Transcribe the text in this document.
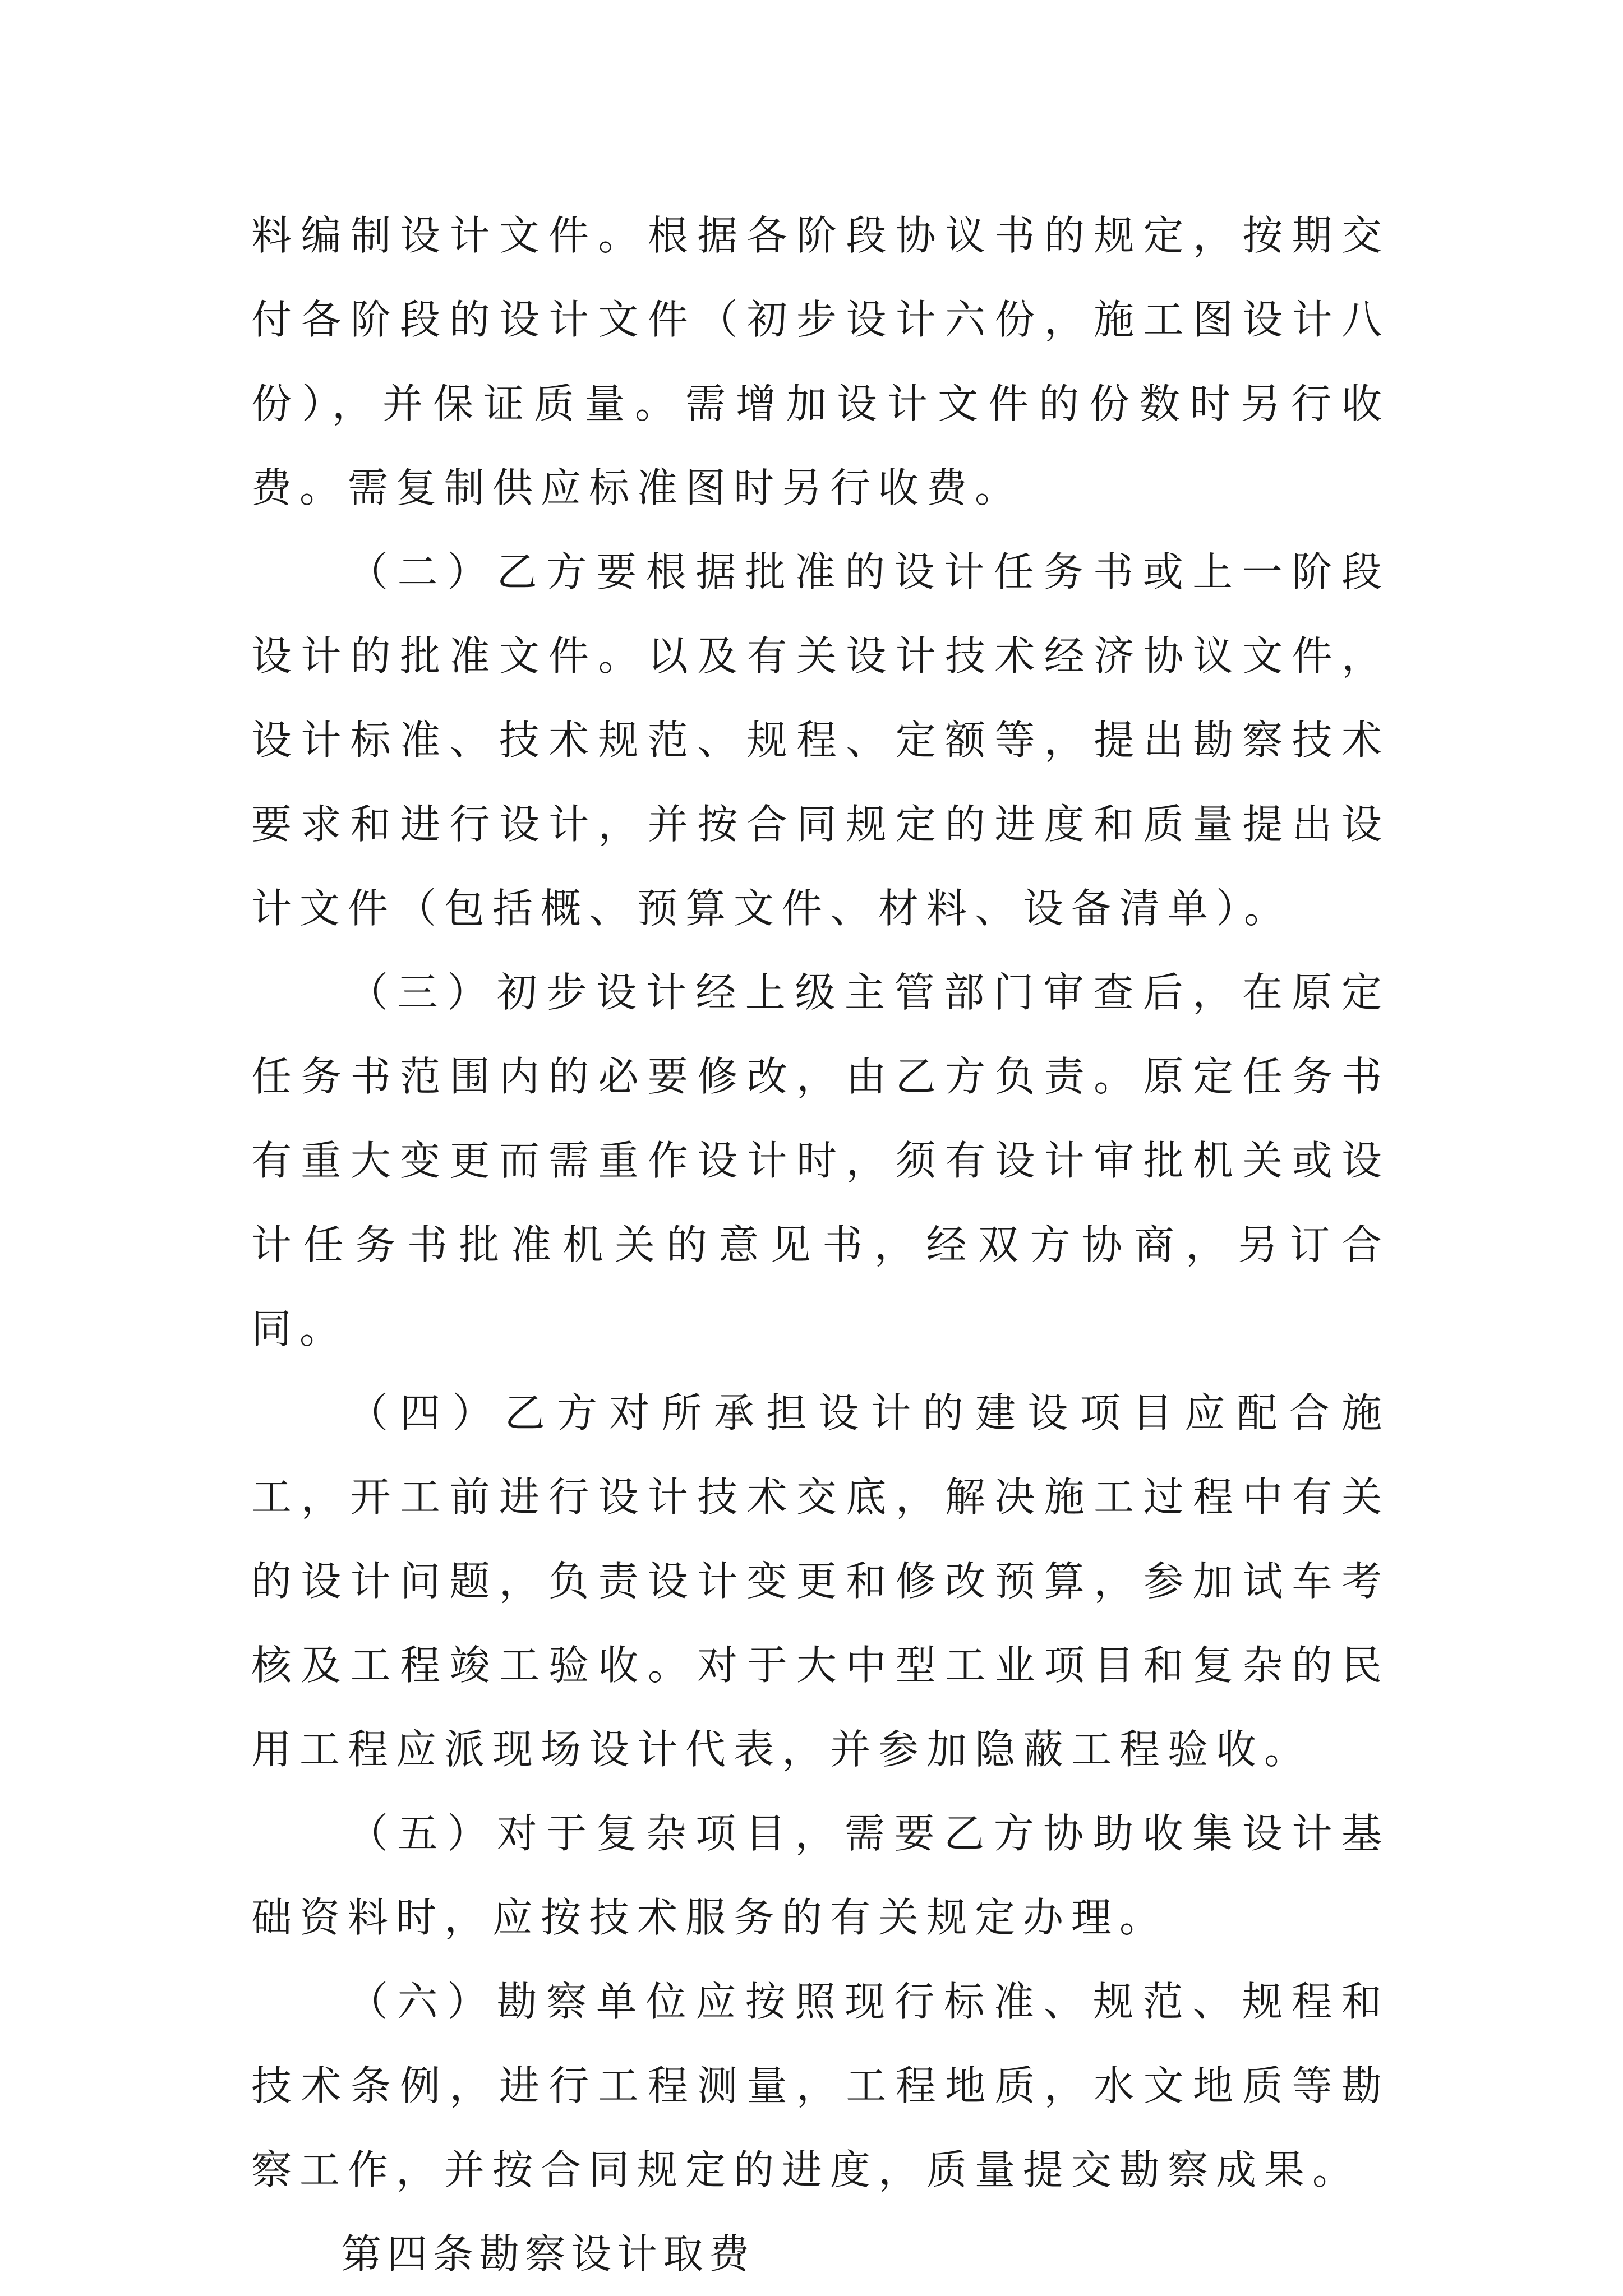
料编制设计文件。根据各阶段协议书的规定，按期交付各阶段的设计文件（初步设计六份，施工图设计八份），并保证质量。需增加设计文件的份数时另行收费。需复制供应标准图时另行收费。

（二）乙方要根据批准的设计任务书或上一阶段设计的批准文件。以及有关设计技术经济协议文件，设计标准、技术规范、规程、定额等，提出勘察技术要求和进行设计，并按合同规定的进度和质量提出设计文件（包括概、预算文件、材料、设备清单）。

（三）初步设计经上级主管部门审查后，在原定任务书范围内的必要修改，由乙方负责。原定任务书有重大变更而需重作设计时，须有设计审批机关或设计任务书批准机关的意见书，经双方协商，另订合同。

（四）乙方对所承担设计的建设项目应配合施工，开工前进行设计技术交底，解决施工过程中有关的设计问题，负责设计变更和修改预算，参加试车考核及工程竣工验收。对于大中型工业项目和复杂的民用工程应派现场设计代表，并参加隐蔽工程验收。

（五）对于复杂项目，需要乙方协助收集设计基础资料时，应按技术服务的有关规定办理。

（六）勘察单位应按照现行标准、规范、规程和技术条例，进行工程测量，工程地质，水文地质等勘察工作，并按合同规定的进度，质量提交勘察成果。

第四条勘察设计取费
